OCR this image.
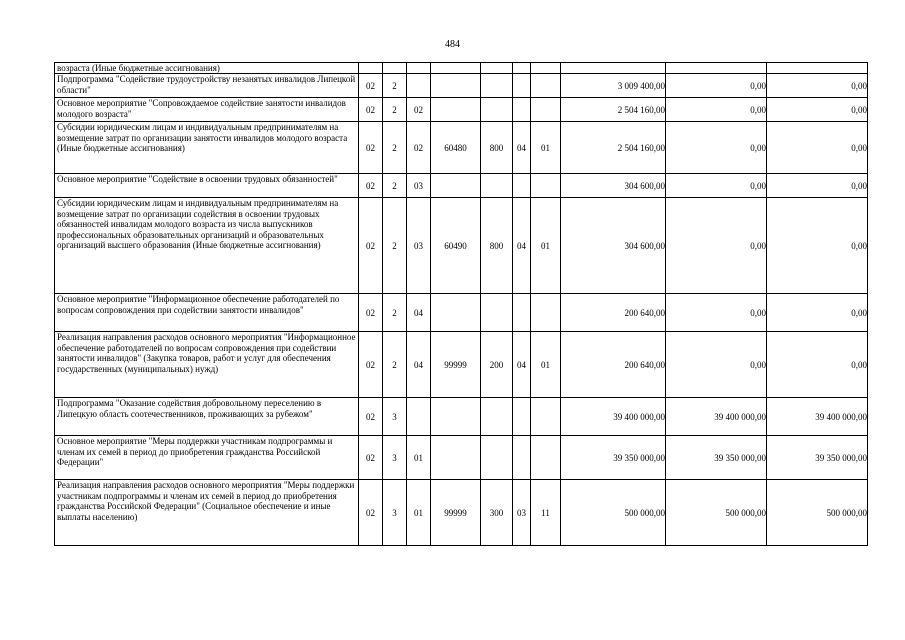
484
возраста (Иные бюджетные ассигнования)										
Подпрограмма "Содействие трудоустройству незанятых инвалидов Липецкой области"	02	2						3 009 400,00	0,00	0,00
Основное мероприятие "Сопровождаемое содействие занятости инвалидов молодого возраста"	02	2	02					2 504 160,00	0,00	0,00
Субсидии юридическим лицам и индивидуальным предпринимателям на возмещение затрат по организации занятости инвалидов молодого возраста (Иные бюджетные ассигнования)	02	2	02	60480	800	04	01	2 504 160,00	0,00	0,00
Основное мероприятие "Содействие в освоении трудовых обязанностей"	02	2	03					304 600,00	0,00	0,00
Субсидии юридическим лицам и индивидуальным предпринимателям на возмещение затрат по организации содействия в освоении трудовых обязанностей инвалидам молодого возраста из числа выпускников профессиональных образовательных организаций и образовательных организаций высшего образования (Иные бюджетные ассигнования)	02	2	03	60490	800	04	01	304 600,00	0,00	0,00
Основное мероприятие "Информационное обеспечение работодателей по вопросам сопровождения при содействии занятости инвалидов"	02	2	04					200 640,00	0,00	0,00
Реализация направления расходов основного мероприятия "Информационное обеспечение работодателей по вопросам сопровождения при содействии занятости инвалидов" (Закупка товаров, работ и услуг для обеспечения государственных (муниципальных) нужд)	02	2	04	99999	200	04	01	200 640,00	0,00	0,00
Подпрограмма "Оказание содействия добровольному переселению в Липецкую область соотечественников, проживающих за рубежом"	02	3						39 400 000,00	39 400 000,00	39 400 000,00
Основное мероприятие "Меры поддержки участникам подпрограммы и членам их семей в период до приобретения гражданства Российской Федерации"	02	3	01					39 350 000,00	39 350 000,00	39 350 000,00
Реализация направления расходов основного мероприятия "Меры поддержки участникам подпрограммы и членам их семей в период до приобретения гражданства Российской Федерации" (Социальное обеспечение и иные выплаты населению)	02	3	01	99999	300	03	11	500 000,00	500 000,00	500 000,00
